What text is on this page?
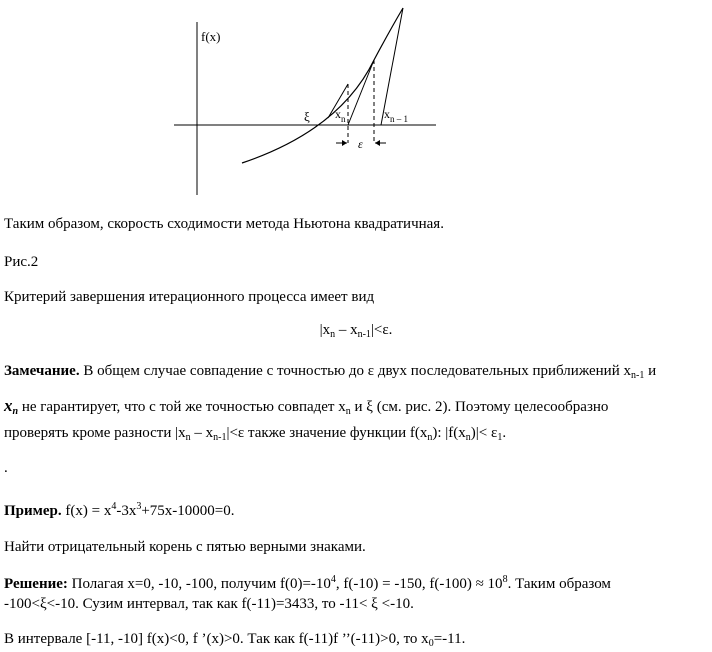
f(x)
ξ $x_n$	$x_{n - 1}$
ε
Таким образом, скорость сходимости метода Ньютона квадратичная.
Рис.2
Критерий завершения итерационного процесса имеет вид
$|x_n - x_{n-1}|<\varepsilon$.
Замечание. В общем случае совпадение с точностью до ε двух последовательных приближений $x_{n-1}$ и
$x_n$ не гарантирует, что с той же точностью совпадет $x_n$ и ξ (см. рис. 2). Поэтому целесообразно
проверять кроме разности $|x_n - x_{n-1}|<\varepsilon$ также значение функции $f(x_n)$: $|f(x_n)|< \varepsilon_1$.
.
Пример. $f(x) = x^4-3x^3+75x-10000=0$.
Найти отрицательный корень с пятью верными знаками.
Решение: Полагая x=0, -10, -100, получим $f(0)=-10^4$, f(-10) = -150, $f(-100) \approx 10^8$. Таким образом
-100<ξ<-10. Сузим интервал, так как f(-11)=3433, то -11< ξ <-10.
В интервале [-11, -10] f(x)<0, f ’(x)>0. Так как f(-11)f ’’(-11)>0, то $x_0=-11$.
